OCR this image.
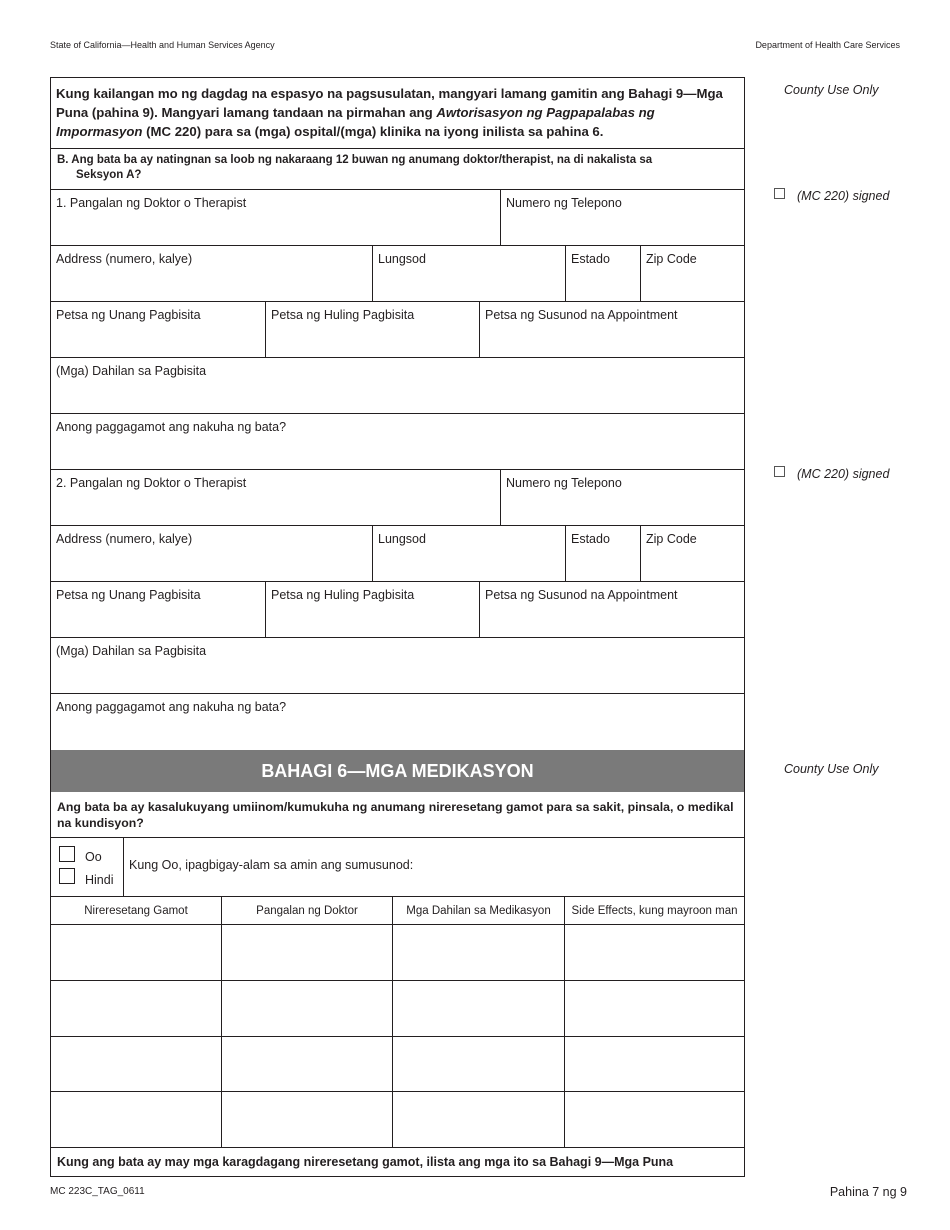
State of California—Health and Human Services Agency	Department of Health Care Services
Kung kailangan mo ng dagdag na espasyo na pagsusulatan, mangyari lamang gamitin ang Bahagi 9—Mga Puna (pahina 9). Mangyari lamang tandaan na pirmahan ang Awtorisasyon ng Pagpapalabas ng Impormasyon (MC 220) para sa (mga) ospital/(mga) klinika na iyong inilista sa pahina 6.
B. Ang bata ba ay natingnan sa loob ng nakaraang 12 buwan ng anumang doktor/therapist, na di nakalista sa
Seksyon A?
1. Pangalan ng Doktor o Therapist	Numero ng Telepono
Address (numero, kalye)	Lungsod	Estado	Zip Code
Petsa ng Unang Pagbisita	Petsa ng Huling Pagbisita	Petsa ng Susunod na Appointment
(Mga) Dahilan sa Pagbisita
Anong paggagamot ang nakuha ng bata?
2. Pangalan ng Doktor o Therapist	Numero ng Telepono
Address (numero, kalye)	Lungsod	Estado	Zip Code
Petsa ng Unang Pagbisita	Petsa ng Huling Pagbisita	Petsa ng Susunod na Appointment
(Mga) Dahilan sa Pagbisita
Anong paggagamot ang nakuha ng bata?
BAHAGI 6—MGA MEDIKASYON
Ang bata ba ay kasalukuyang umiinom/kumukuha ng anumang nireresetang gamot para sa sakit, pinsala, o medikal na kundisyon?
Oo
Hindi
Kung Oo, ipagbigay-alam sa amin ang sumusunod:
Nireresetang Gamot	Pangalan ng Doktor	Mga Dahilan sa Medikasyon	Side Effects, kung mayroon man
Kung ang bata ay may mga karagdagang nireresetang gamot, ilista ang mga ito sa Bahagi 9—Mga Puna
County Use Only
(MC 220) signed
(MC 220) signed
County Use Only
MC 223C_TAG_0611	Pahina 7 ng 9
